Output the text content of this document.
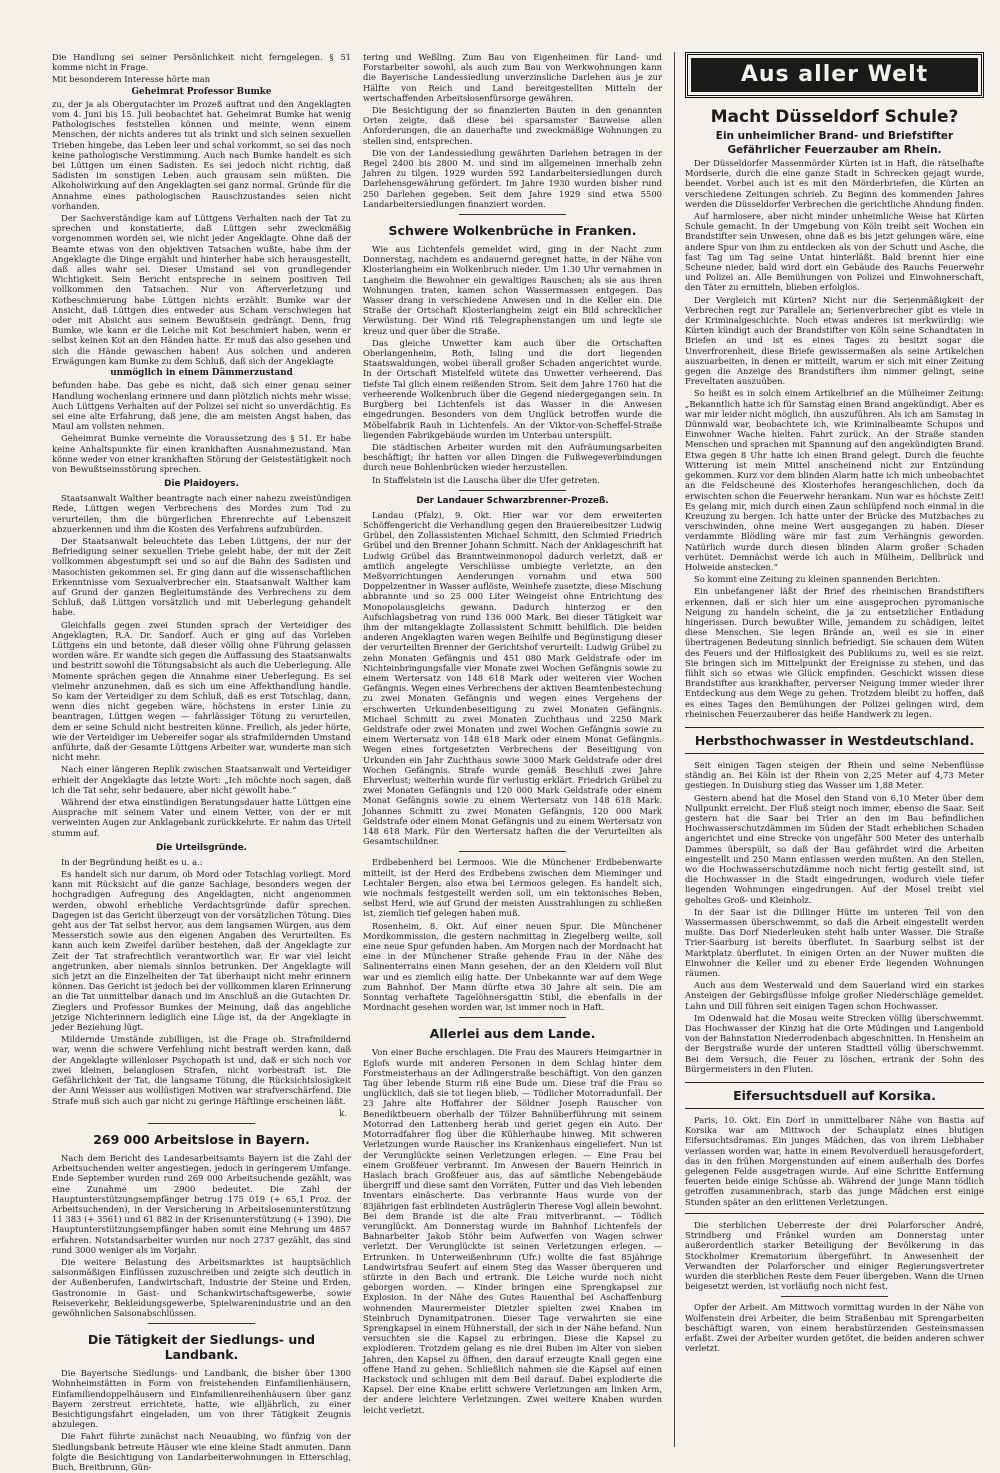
Die Handlung sei seiner Persönlichkeit nicht ferngelegen. § 51 komme nicht in Frage.

Mit besonderem Interesse hörte man

Geheimrat Professor Bumke

zu, der ja als Obergutachter im Prozeß auftrat und den Angeklagten vom 4. Juni bis 15. Juli beobachtet hat. Geheimrat Bumke hat wenig Pathologisches feststellen können und meinte, wenn einem Menschen, der nichts anderes tut als trinkt und sich seinen sexuellen Trieben hingebe, das Leben leer und schal vorkommt, so sei das noch keine pathologische Verstimmung. Auch nach Bumke handelt es sich bei Lüttgen um einen Sadisten. Es sei jedoch nicht richtig, daß Sadisten im sonstigen Leben auch grausam sein müßten. Die Alkoholwirkung auf den Angeklagten sei ganz normal. Gründe für die Annahme eines pathologischen Rauschzustandes seien nicht vorhanden.

Der Sachverständige kam auf Lüttgens Verhalten nach der Tat zu sprechen und konstatierte, daß Lüttgen sehr zweckmäßig vorgenommen worden sei, wie nicht jeder Angeklagte. Ohne daß der Beamte etwas von den objektiven Tatsachen wußte, habe ihm der Angeklagte die Dinge ergählt und hinterher habe sich herausgestellt, daß alles wahr sei. Dieser Umstand sei von grundlegender Wichtigkeit. Sein Bericht entspreche in seinem positiven Teil vollkommen den Tatsachen. Nur von Afterverletzung und Kotbeschmierung habe Lüttgen nichts erzählt. Bumke war der Ansicht, daß Lüttgen dies entweder aus Scham verschwiegen hat oder mit Absicht aus seinem Bewußtsein gedrängt. Denn, frug Bumke, wie kann er die Leiche mit Kot beschmiert haben, wenn er selbst keinen Kot an den Händen hatte. Er muß das also gesehen und sich die Hände gewaschen haben! Aus solchen und anderen Erwägungen kam Bumke zu dem Schluß, daß sich der Angeklagte

unmöglich in einem Dämmerzustand

befunden habe. Das gebe es nicht, daß sich einer genau seiner Handlung wochenlang erinnere und dann plötzlich nichts mehr wisse. Auch Lüttgens Verhalten auf der Polizei sei nicht so unverdächtig. Es sei eine alte Erfahrung, daß jene, die am meisten Angst haben, das Maul am vollsten nehmen.

Geheimrat Bumke verneinte die Voraussetzung des § 51. Er habe keine Anhaltspunkte für einen krankhaften Ausnahmezustand. Man könne weder von einer krankhaften Störung der Geistestätigkeit noch von Bewußtseinsstörung sprechen.

Die Plaidoyers.

Staatsanwalt Walther beantragte nach einer nahezu zweistündigen Rede, Lüttgen wegen Verbrechens des Mordes zum Tod zu verurteilen, ihm die bürgerlichen Ehrenrechte auf Lebenszeit abzuerkennen und ihm die Kosten des Verfahrens aufzubürden.

Der Staatsanwalt beleuchtete das Leben Lüttgens, der nur der Befriedigung seiner sexuellen Triebe gelebt habe, der mit der Zeit vollkommen abgestumpft sei und so auf die Bahn des Sadisten und Masochisten gekommen sei. Er ging dann auf die wissenschaftlichen Erkenntnisse vom Sexualverbrecher ein. Staatsanwalt Walther kam auf Grund der ganzen Begleitumstände des Verbrechens zu dem Schluß, daß Lüttgen vorsätzlich und mit Ueberlegung gehandelt habe.

Gleichfalls gegen zwei Stunden sprach der Verteidiger des Angeklagten, R.A. Dr. Sandorf. Auch er ging auf das Vorleben Lüttgens ein und betonte, daß dieser völlig ohne Führung gelassen worden wäre. Er wandte sich gegen die Auffassung des Staatsanwalts und bestritt sowohl die Tötungsabsicht als auch die Ueberlegung. Alle Momente sprächen gegen die Annahme einer Ueberlegung. Es sei vielmehr anzunehmen, daß es sich um eine Affekthandlung handle. So kam der Verteidiger zu dem Schluß, daß es erst Totschlag, dann, wenn dies nicht gegeben wäre, höchstens in erster Linie zu beantragen, Lüttgen wegen — fahrlässiger Tötung zu verurteilen, dem er seine Schuld nicht bestreiten könne. Freilich, als jeder hörte, wie der Verteidiger im Uebereifer sogar als strafmildernden Umstand anführte, daß der Gesamte Lüttgens Arbeiter war, wunderte man sich nicht mehr.

Nach einer längeren Replik zwischen Staatsanwalt und Verteidiger erhielt der Angeklagte das letzte Wort: „Ich möchte noch sagen, daß ich die Tat sehr, sehr bedauere, aber nicht gewollt habe.“

Während der etwa einstündigen Beratungsdauer hatte Lüttgen eine Ausprache mit seinem Vater und einem Vetter, von der er mit verweinten Augen zur Anklagebank zurückkehrte. Er nahm das Urteil stumm auf.

Die Urteilsgründe.

In der Begründung heißt es u. a.:

Es handelt sich nur darum, ob Mord oder Totschlag vorliegt. Mord kann mit Rücksicht auf die ganze Sachlage, besonders wegen der hochgradigen Aufregung des Angeklagten, nicht angenommen werden, obwohl erhebliche Verdachtsgründe dafür sprechen. Dagegen ist das Gericht überzeugt von der vorsätzlichen Tötung. Dies geht aus der Tat selbst hervor, aus dem langsamen Würgen, aus dem Messerstich sowie aus den eigenen Angaben des Verurteilten. Es kann auch kein Zweifel darüber bestehen, daß der Angeklagte zur Zeit der Tat strafrechtlich verantwortlich war. Er war viel leicht angetrunken, aber niemals sinnlos betrunken. Der Angeklagte will sich jetzt an die Einzelheiten der Tat überhaupt nicht mehr erinnern können. Das Gericht ist jedoch bei der vollkommen klaren Erinnerung an die Tat unmittelbar danach und im Anschluß an die Gutachten Dr. Zieglers und Professor Bumkes der Meinung, daß das angebliche jetzige Nichterinnern lediglich eine Lüge ist, da der Angeklagte in jeder Beziehung lügt.

Mildernde Umstände zubilligen, ist die Frage ob. Strafmildernd war, wenn die schwere Verfehlung nicht bestraft werden kann, daß der Angeklagte willenloser Psychopath ist und, daß er sich noch vor zwei kleinen, belanglosen Strafen, nicht vorbestraft ist. Die Gefährlichkeit der Tat, die langsame Tötung, die Rücksichtslosigkeit der Anni Weisser aus wollüstigen Motiven war strafverschärfend. Die Strafe muß sich auch gar nicht zu geringe Häftlinge erscheinen läßt.

k.
269 000 Arbeitslose in Bayern.

Nach dem Bericht des Landesarbeitsamts Bayern ist die Zahl der Arbeitsuchenden weiter angestiegen, jedoch in geringerem Umfange. Ende September wurden rund 269 000 Arbeitsuchende gezählt, was eine Zunahme um 2900 bedeutet. Die Zahl der Hauptunterstützungsempfänger betrug 175 019 (+ 65,1 Proz. der Arbeitsuchenden), in der Versicherung in Arbeitslosenunterstützung 11 383 (+ 3561) und 61 882 in der Krisenunterstützung (+ 1390). Die Hauptunterstützungsempfänger haben somit eine Mehrung um 4857 erfahren. Notstandsarbeiter wurden nur noch 2737 gezählt, das sind rund 3000 weniger als im Vorjahr.

Die weitere Belastung des Arbeitsmarktes ist hauptsächlich saisonmäßigen Einflüssen zuzuschreiben und zeigte sich deutlich in der Außenberufen, Landwirtschaft, Industrie der Steine und Erden, Gastronomie in Gast- und Schankwirtschaftsgewerbe, sowie Reiseverkehr, Bekleidungsgewerbe, Spielwarenindustrie und an den gewöhnlichen Saisonabschlüssen.

Die Tätigkeit der Siedlungs- und Landbank.

Die Bayerische Siedlungs- und Landbank, die bisher über 1300 Wohnheimstätten in Form von freistehenden Einfamilienhäusern, Einfamiliendoppelhäusern und Einfamilienreihenhäusern über ganz Bayern zerstreut errichtete, hatte, wie alljährlich, zu einer Besichtigungsfahrt eingeladen, um von ihrer Tätigkeit Zeugnis abzulegen.

Die Fahrt führte zunächst nach Neuaubing, wo fünfzig von der Siedlungsbank betreute Häuser wie eine kleine Stadt anmuten. Dann folgte die Besichtigung von Landarbeiterwohnungen in Etterschlag, Buch, Breitbrunn, Gün-

tering und Weßling. Zum Bau von Eigenheimen für Land- und Forstarbeiter sowohl, als auch zum Bau von Werkwohnungen kann die Bayerische Landessiedlung unverzinsliche Darlehen aus je zur Hälfte von Reich und Land bereitgestellten Mitteln der wertschaffenden Arbeitslosenfürsorge gewähren.

Die Besichtigung der so finanzierten Bauten in den genannten Orten zeigte, daß diese bei sparsamster Bauweise allen Anforderungen, die an dauerhafte und zweckmäßige Wohnungen zu stellen sind, entsprechen.

Die von der Landessiedlung gewährten Darlehen betragen in der Regel 2400 bis 2800 M. und sind im allgemeinen innerhalb zehn Jahren zu tilgen. 1929 wurden 592 Landarbeitersiedlungen durch Darlehensgewährung gefördert. Im Jahre 1930 wurden bisher rund 250 Darlehen gegeben. Seit dem Jahre 1929 sind etwa 5500 Landarbeitersiedlungen finanziert worden.

Schwere Wolkenbrüche in Franken.

Wie aus Lichtenfels gemeldet wird, ging in der Nacht zum Donnerstag, nachdem es andauernd geregnet hatte, in der Nähe von Klosterlangheim ein Wolkenbruch nieder. Um 1.30 Uhr vernahmen in Langheim die Bewohner ein gewaltiges Rauschen; als sie aus ihren Wohnungen traten, kamen schon Wassermassen entgegen. Das Wasser drang in verschiedene Anwesen und in die Keller ein. Die Straße der Ortschaft Klosterlangheim zeigt ein Bild schrecklicher Verwüstung. Der Wind riß Telegraphenstangen um und legte sie kreuz und quer über die Straße.

Das gleiche Unwetter kam auch über die Ortschaften Oberlangenheim, Roth, Isling und die dort liegenden Staatswaldungen, wobei überall großer Schaden angerichtet wurde. In der Ortschaft Mistelfeld wütete das Unwetter verheerend. Das tiefste Tal glich einem reißenden Strom. Seit dem Jahre 1760 hat die verheerende Wolkenbruch über die Gegend niedergegangen sein. In Burgberg bei Lichtenfels ist das Wasser in die Anwesen eingedrungen. Besonders von dem Unglück betroffen wurde die Möbelfabrik Rauh in Lichtenfels. An der Viktor-von-Scheffel-Straße liegenden Fabrikgebäude wurden im Unterbau unterspült.

Die städtischen Arbeiter wurden mit den Aufräumungsarbeiten beschäftigt; ihr hatten vor allen Dingen die Fußwegeverbindungen durch neue Bohlenbrücken wieder herzustellen.

In Staffelstein ist die Lauscha über die Ufer getreten.

Der Landauer Schwarzbrenner-Prozeß.

Landau (Pfalz), 9. Okt. Hier war vor dem erweiterten Schöffengericht die Verhandlung gegen den Brauereibesitzer Ludwig Grübel, den Zollassistenten Michael Schmitt, den Schmied Friedrich Grübel und den Brenner Johann Schmitt. Nach der Anklageschrift hat Ludwig Grübel das Branntweinmonopol dadurch verletzt, daß er amtlich angelegte Verschlüsse umbiegte verletzte, an den Meßvorrichtungen Aenderungen vornahm und etwa 500 Doppelzentner in Wasser auflöste, Weinhefe zusetzte, diese Mischung abbrannte und so 25 000 Liter Weingeist ohne Entrichtung des Monopolausgleichs gewann. Dadurch hinterzog er den Aufschlagsbetrag von rund 136 000 Mark. Bei dieser Tätigkeit war ihm der mitangeklagte Zollassistent Schmitt behilflich. Die beiden anderen Angeklagten waren wegen Beihilfe und Begünstigung dieser der verurteilten Brenner der Gerichtshof verurteilt: Ludwig Grübel zu zehn Monaten Gefängnis und 451 080 Mark Geldstrafe oder im Nichteinbringungsfalle vier Monate zwei Wochen Gefängnis sowie zu einem Wertersatz von 148 618 Mark oder weiteren vier Wochen Gefängnis. Wegen eines Verbrechens der aktiven Beamtenbestechung zu zwei Monaten Gefängnis und wegen eines Vergehens der erschwerten Urkundenbeseitigung zu zwei Monaten Gefängnis. Michael Schmitt zu zwei Monaten Zuchthaus und 2250 Mark Geldstrafe oder zwei Monaten und zwei Wochen Gefängnis sowie zu einem Wertersatz von 148 618 Mark oder einem Monat Gefängnis. Wegen eines fortgesetzten Verbrechens der Beseitigung von Urkunden ein Jahr Zuchthaus sowie 3000 Mark Geldstrafe oder drei Wochen Gefängnis. Strafe wurde gemäß Beschluß zwei Jahre Ehrverlust; weiterhin wurde für verlustig erklärt. Friedrich Grübel zu zwei Monaten Gefängnis und 120 000 Mark Geldstrafe oder einem Monat Gefängnis sowie zu einem Wertersatz von 148 618 Mark. Johannes Schmitt zu zwei Monaten Gefängnis, 120 000 Mark Geldstrafe oder einem Monat Gefängnis und zu einem Wertersatz von 148 618 Mark. Für den Wertersatz haften die der Verurteilten als Gesamtschuldner.

Erdbebenherd bei Lermoos. Wie die Münchener Erdbebenwarte mitteilt, ist der Herd des Erdbebens zwischen dem Mieminger und Lechtaler Bergen, also etwa bei Lermoos gelegen. Es handelt sich, wie nochmals festgestellt werden soll, um ein tektonisches Beben, selbst Herd, wie auf Grund der meisten Ausstrahlungen zu schließen ist, ziemlich tief gelegen haben muß.

Rosenheim, 8. Okt. Auf einer neuen Spur. Die Münchener Mordkommission, die gestern nachmittag in Ziegelberg weilte, soll eine neue Spur gefunden haben. Am Morgen nach der Mordnacht hat eine in der Münchener Straße gehende Frau in der Nähe des Salinenterrains einen Mann gesehen, der an den Kleidern voll Blut war und es ziemlich eilig hatte. Der Unbekannte war auf dem Wege zum Bahnhof. Der Mann dürfte etwa 30 Jahre alt sein. Die am Sonntag verhaftete Tagelöhnersgattin Stibl, die ebenfalls in der Mordnacht gesehen worden war, ist immer noch in Haft.

Allerlei aus dem Lande.

Von einer Buche erschlagen. Die Frau des Maurers Heimgartner in Eglofs wurde mit anderen Personen in dem Schlag hinter dem Forstmeisterhaus an der Adlingerstraße beschäftigt. Von den ganzen Tag über lebende Sturm riß eine Bude um. Diese traf die Frau so unglücklich, daß sie tot liegen blieb. — Tödlicher Motorradunfall. Der 23 Jahre alte Hoffahrer der Söldner Joseph Rauscher von Benediktbeuern oberhalb der Tölzer Bahnüberführung mit seinem Motorrad den Lattenberg herab und geriet gegen ein Auto. Der Motorradfahrer flog über die Kühlerhaube hinweg. Mit schweren Verletzungen wurde Rauscher ins Krankenhaus eingeliefert. Nun ist der Verunglückte seinen Verletzungen erlegen. — Eine Frau bei einem Großfeuer verbrannt. Im Anwesen der Bauern Heinrich in Haslach brach Großfeuer aus, das auf sämtliche Nebengebäude übergriff und diese samt den Vorräten, Futter und das Vieh lebenden Inventars einäscherte. Das verbrannte Haus wurde von der 83jährigen fast erblindeten Austräglerin Therese Vogl allein bewohnt. Bei dem Brande ist die alte Frau mitverbrannt. — Tödlich verunglückt. Am Donnerstag wurde im Bahnhof Lichtenfels der Bahnarbeiter Jakob Stöhr beim Aufwerfen von Wagen schwer verletzt. Der Verunglückte ist seinen Verletzungen erlegen. — Ertrunken. In Unterweißenbrunn (Ufr.) wollte die fast 85jährige Landwirtsfrau Seufert auf einem Steg das Wasser überqueren und stürzte in den Bach und ertrank. Die Leiche wurde noch nicht geborgen worden. — Kinder bringen eine Sprengkapsel zur Explosion. In der Nähe des Gutes Rauenthal bei Aschaffenburg wohnenden Maurermeister Dietzler spielten zwei Knaben im Steinbruch Dynamitpatronen. Dieser Tage verwahrten sie eine Sprengkapsel in einem Hühnerstall, der sich in der Nähe befand. Nun versuchten sie die Kapsel zu erbringen. Diese die Kapsel zu explodieren. Trotzdem gelang es nie drei Buben im Alter von sieben Jahren, den Kapsel zu öffnen, den darauf erzeugte Knall gegen eine offene Hand zu gehen. Schließlich nahmen sie die Kapsel auf einen Hackstock und schlugen mit dem Beil darauf. Dabei explodierte die Kapsel. Der eine Knabe erlitt schwere Verletzungen am linken Arm, der andere leichtere Verletzungen. Zwei weitere Knaben wurden leicht verletzt.

Aus aller Welt
Macht Düsseldorf Schule?
Ein unheimlicher Brand- und Briefstifter
Gefährlicher Feuerzauber am Rhein.

Der Düsseldorfer Massenmörder Kürten ist in Haft, die rätselhafte Mordserie, durch die eine ganze Stadt in Schrecken gejagt wurde, beendet. Vorbei auch ist es mit den Mörderbriefen, die Kürten an verschiedene Zeitungen schrieb. Zu Beginn des kommenden Jahres werden die Düsseldorfer Verbrechen die gerichtliche Ahndung finden.

Auf harmlosere, aber nicht minder unheimliche Weise hat Kürten Schule gemacht. In der Umgebung von Köln treibt seit Wochen ein Brandstifter sein Unwesen, ohne daß es bis jetzt gelungen wäre, eine andere Spur von ihm zu entdecken als von der Schutt und Asche, die fast Tag um Tag seine Untat hinterläßt. Bald brennt hier eine Scheune nieder, bald wird dort ein Gebäude des Rauchs Feuerwehr und Polizei an. Alle Bemühungen von Polizei und Einwohnerschaft, den Täter zu ermitteln, blieben erfolglos.

Der Vergleich mit Kürten? Nicht nur die Serienmäßigkeit der Verbrechen regt zur Parallele an; Serienverbrecher gibt es viele in der Kriminalgeschichte. Noch etwas anderes ist merkwürdig: wie Kürten kündigt auch der Brandstifter von Köln seine Schandtaten in Briefen an und ist es eines Tages zu besitzt sogar die Unverfrorenheit, diese Briefe gewissermaßen als seine Artikelchen auszuarbeiten, in denen er mitteilt, warum er sich mit einer Zeitung gegen die Anzeige des Brandstifters ihm nimmer gelingt, seine Freveltaten auszuüben.

So heißt es in solch einem Artikelbrief an die Mülheimer Zeitung: „Bekanntlich hatte ich für Samstag einen Brand angekündigt. Aber es war mir leider nicht möglich, ihn auszuführen. Als ich am Samstag in Dünnwald war, beobachtete ich, wie Kriminalbeamte Schupos und Einwohner Wache hielten. Fahrt zurück. An der Straße standen Menschen und sprachen mit Spannung auf den angekündigten Brand. Etwa gegen 8 Uhr hatte ich einen Brand gelegt. Durch die feuchte Witterung ist mein Mittel anscheinend nicht zur Entzündung gekommen. Kurz vor dem blinden Alarm hatte ich mich unbeobachtet an die Feldscheune des Klosterhofes herangeschlichen, doch da erwischten schon die Feuerwehr herankam. Nun war es höchste Zeit! Es gelang mir, mich durch einen Zaun schlüpfend noch einmal in die Kreuzung zu bergen. Ich hatte unter der Brücke des Mutzbaches zu verschwinden, ohne meine Wert ausgegangen zu haben. Dieser verdammte Blödling wäre mir fast zum Verhängnis geworden. Natürlich wurde durch diesen blinden Alarm großer Schaden verhütet. Demnächst werde ich auch in Mülheim, Dellbrück und Holweide anstecken.“

So kommt eine Zeitung zu kleinen spannenden Berichten.

Ein unbefangener läßt der Brief des rheinischen Brandstifters erkennen, daß er sich hier um eine ausgeprochen pyromanische Neigung zu handeln scheint, die ja zu entsetzlicher Entladung hingerissen. Durch bewußter Wille, jemandem zu schädigen, leitet diese Menschen. Sie legen Brände an, weil es sie in einer übertragenen Bedeutung sinnlich befriedigt. Sie schauen dem Wüten des Feuers und der Hilflosigkeit des Publikums zu, weil es sie reizt. Sie bringen sich im Mittelpunkt der Ereignisse zu stehen, und das fühlt sich so etwas wie Glück empfinden. Geschickt wissen diese Brandstifter aus krankhafter, perverser Neigung immer wieder ihrer Entdeckung aus dem Wege zu gehen. Trotzdem bleibt zu hoffen, daß es eines Tages den Bemühungen der Polizei gelingen wird, dem rheinischen Feuerzauberer das heiße Handwerk zu legen.

Herbsthochwasser in Westdeutschland.

Seit einigen Tagen steigen der Rhein und seine Nebenflüsse ständig an. Bei Köln ist der Rhein von 2,25 Meter auf 4,73 Meter gestiegen. In Duisburg stieg das Wasser um 1,88 Meter.

Gestern abend hat die Mosel den Stand von 6,10 Meter über dem Nullpunkt erreicht. Der Fluß steigt noch immer, ebenso die Saar. Seit gestern hat die Saar bei Trier an den im Bau befindlichen Hochwasserschutzdämmen im Süden der Stadt erheblichen Schaden angerichtet und eine Strecke von ungefähr 500 Meter des unterhalb Dammes überspült, so daß der Bau gefährdet wird die Arbeiten eingestellt und 250 Mann entlassen werden mußten. An den Stellen, wo die Hochwasserschutzdämme noch nicht fertig gestellt sind, ist die Hochwasser in die Stadt eingedrungen, wodurch viele tiefer liegenden Wohnungen eingedrungen. Auf der Mosel treibt viel geholtes Groß- und Kleinholz.

In der Saar ist die Dillinger Hütte im unteren Teil von den Wassermassen überschwemmt, so daß die Arbeit eingestellt werden mußte. Das Dorf Niederleuken steht halb unter Wasser. Die Straße Trier-Saarburg ist bereits überflutet. In Saarburg selbst ist der Marktplatz überflutet. In einigen Orten an der Nuwer mußten die Einwohner die Keller und zu ebener Erde liegenden Wohnungen räumen.

Auch aus dem Westerwald und dem Sauerland wird ein starkes Ansteigen der Gebirgsflüsse infolge großer Niederschläge gemeldet. Lahn und Dill führen seit einigen Tagen schon Hochwasser.

Im Odenwald hat die Mosau weite Strecken völlig überschwemmt. Das Hochwasser der Kinzig hat die Orte Müdingen und Langenbold von der Bahnstation Niederrodenbach abgeschnitten. In Hensheim an der Bergstraße wurde der unteren Stadtteil völlig überschwemmt. Bei dem Versuch, die Feuer zu löschen, ertrank der Sohn des Bürgermeisters in den Fluten.

Eifersuchtsduell auf Korsika.

Paris, 10. Okt. Ein Dorf in unmittelbarer Nähe von Bastia auf Korsika war am Mittwoch der Schauplatz eines blutigen Eifersuchtsdramas. Ein junges Mädchen, das von ihrem Liebhaber verlassen worden war, hatte in einem Revolverduell herausgefordert, das in den frühen Morgenstunden auf einem außerhalb des Dorfes gelegenen Felde ausgetragen wurde. Auf eine Schritte Entfernung feuerten beide einige Schüsse ab. Während der junge Mann tödlich getroffen zusammenbrach, starb das junge Mädchen erst einige Stunden später an den erlittenen Verletzungen.

Die sterblichen Ueberreste der drei Polarforscher André, Strindberg und Fränkel wurden am Donnerstag unter außerordentlich starker Beteiligung der Bevölkerung in das Stockholmer Krematorium übergeführt. In Anwesenheit der Verwandten der Polarforscher und einiger Regierungsvertreter wurden die sterblichen Reste dem Feuer übergeben. Wann die Urnen beigesetzt werden, ist vorläufig noch nicht fest.

Opfer der Arbeit. Am Mittwoch vormittag wurden in der Nähe von Wolfenstein drei Arbeiter, die beim Straßenbau mit Sprengarbeiten beschäftigt waren, von einem herabstürzenden Gesteinsmassen erfaßt. Zwei der Arbeiter wurden getötet, die beiden anderen schwer verletzt.
